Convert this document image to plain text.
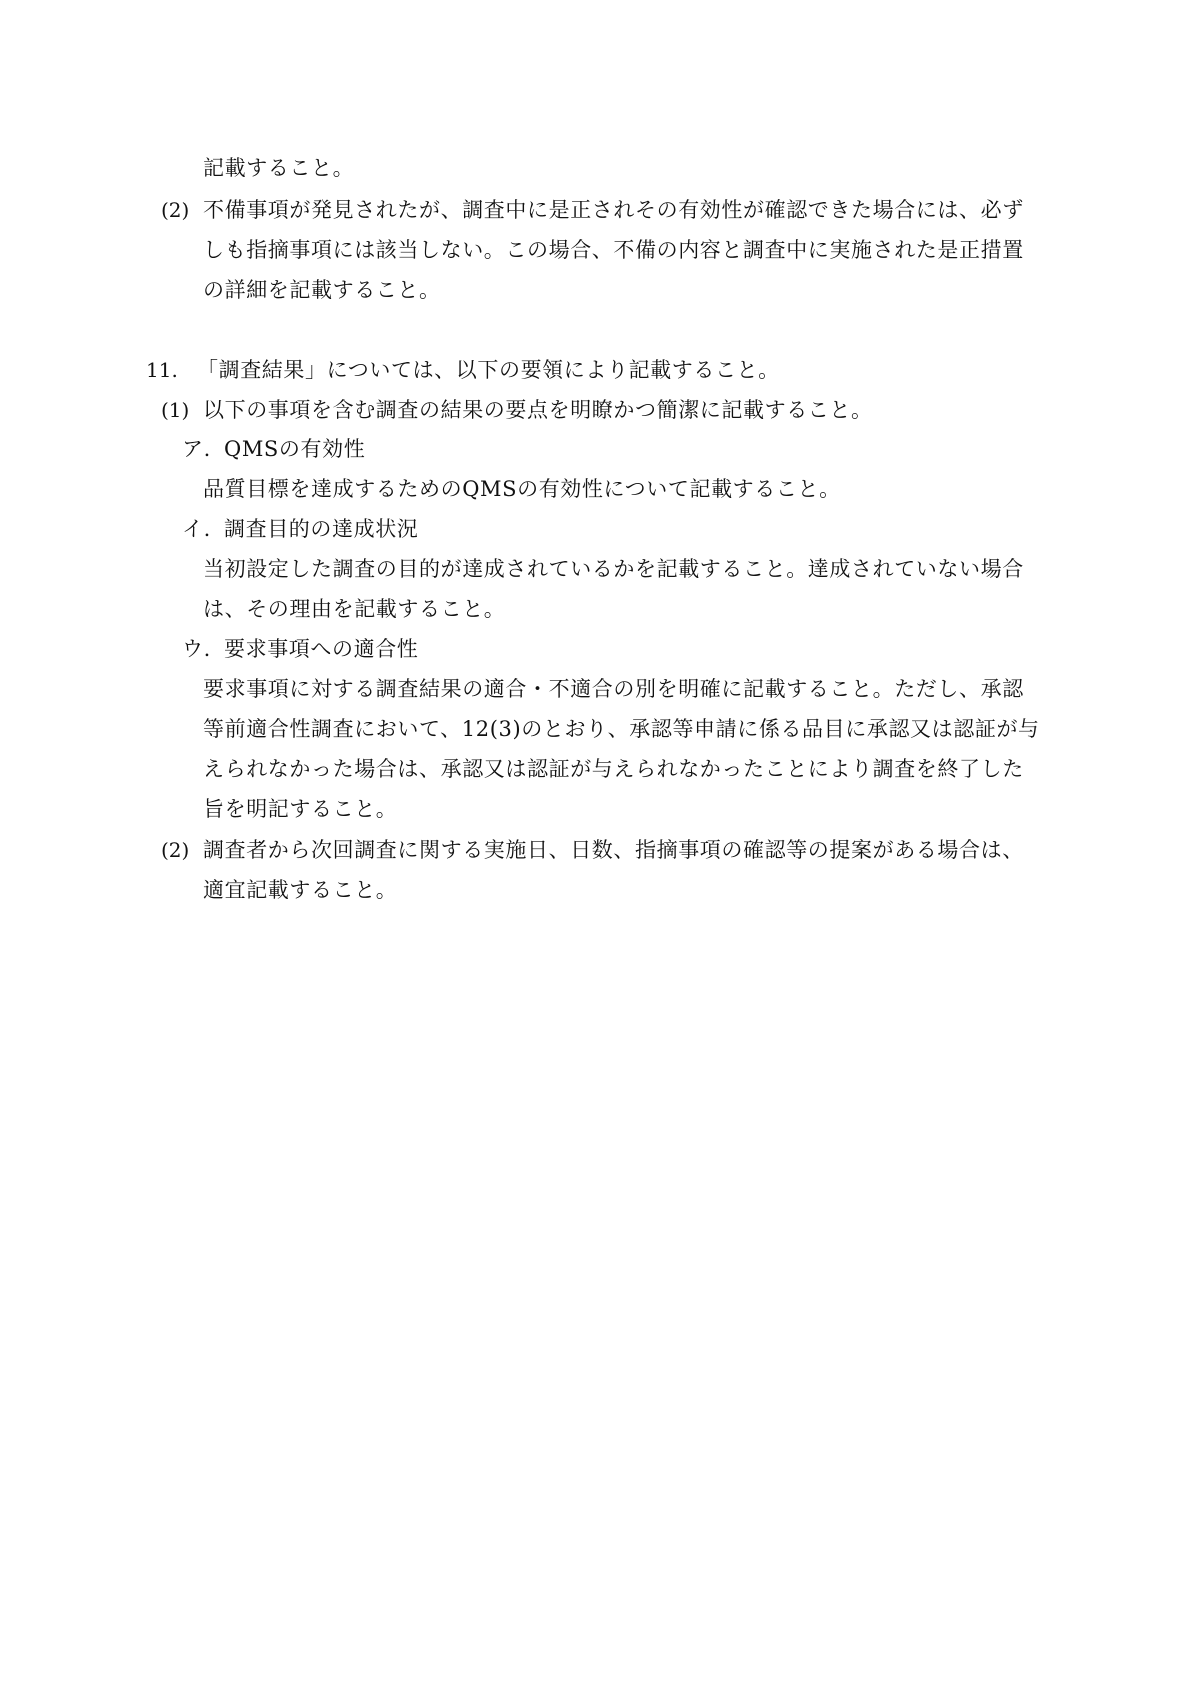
記載すること。
(2) 不備事項が発見されたが、調査中に是正されその有効性が確認できた場合には、必ず
しも指摘事項には該当しない。この場合、不備の内容と調査中に実施された是正措置
の詳細を記載すること。
11. 「調査結果」については、以下の要領により記載すること。
(1) 以下の事項を含む調査の結果の要点を明瞭かつ簡潔に記載すること。
ア. QMSの有効性
品質目標を達成するためのQMSの有効性について記載すること。
イ. 調査目的の達成状況
当初設定した調査の目的が達成されているかを記載すること。達成されていない場合
は、その理由を記載すること。
ウ. 要求事項への適合性
要求事項に対する調査結果の適合・不適合の別を明確に記載すること。ただし、承認
等前適合性調査において、12(3)のとおり、承認等申請に係る品目に承認又は認証が与
えられなかった場合は、承認又は認証が与えられなかったことにより調査を終了した
旨を明記すること。
(2) 調査者から次回調査に関する実施日、日数、指摘事項の確認等の提案がある場合は、
適宜記載すること。
